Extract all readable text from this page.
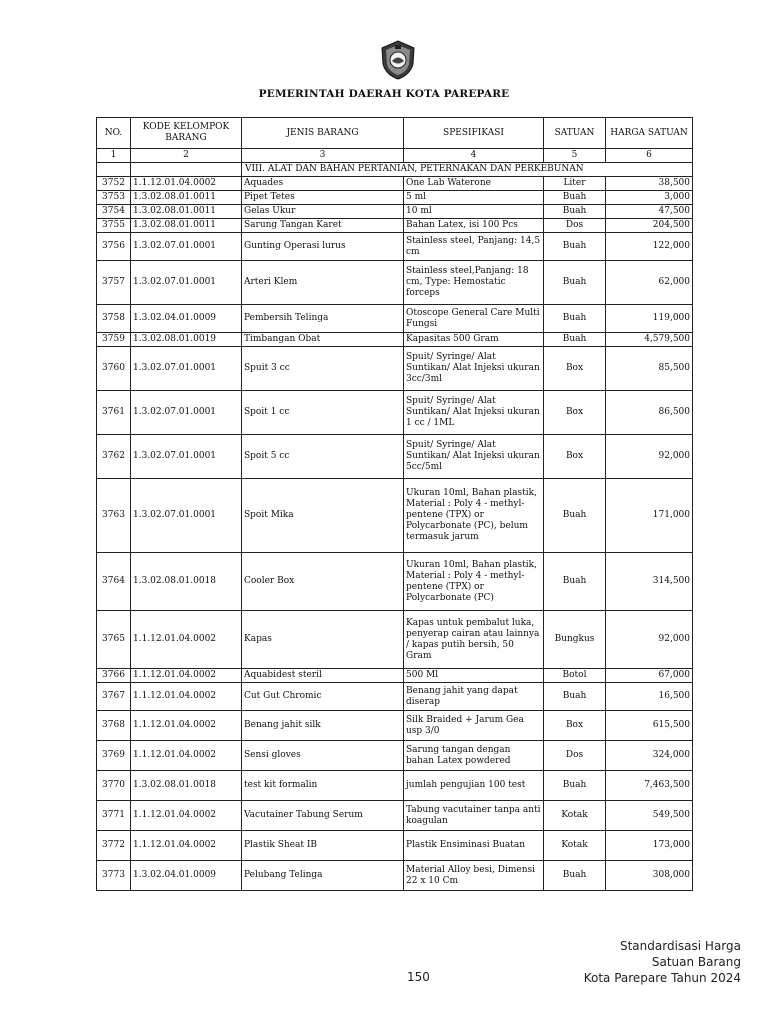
PEMERINTAH DAERAH KOTA PAREPARE
NO.	KODE KELOMPOK BARANG	JENIS BARANG	SPESIFIKASI	SATUAN	HARGA SATUAN
1	2	3	4	5	6
		VIII. ALAT DAN BAHAN PERTANIAN, PETERNAKAN DAN PERKEBUNAN			
3752	1.1.12.01.04.0002	Aquades	One Lab Waterone	Liter	38,500
3753	1.3.02.08.01.0011	Pipet Tetes	5 ml	Buah	3,000
3754	1.3.02.08.01.0011	Gelas Ukur	10 ml	Buah	47,500
3755	1.3.02.08.01.0011	Sarung Tangan Karet	Bahan Latex, isi 100 Pcs	Dos	204,500
3756	1.3.02.07.01.0001	Gunting Operasi lurus	Stainless steel, Panjang: 14,5 cm	Buah	122,000
3757	1.3.02.07.01.0001	Arteri Klem	Stainless steel,Panjang: 18 cm, Type: Hemostatic forceps	Buah	62,000
3758	1.3.02.04.01.0009	Pembersih Telinga	Otoscope General Care Multi Fungsi	Buah	119,000
3759	1.3.02.08.01.0019	Timbangan Obat	Kapasitas 500 Gram	Buah	4,579,500
3760	1.3.02.07.01.0001	Spuit 3 cc	Spuit/ Syringe/ Alat Suntikan/ Alat Injeksi ukuran 3cc/3ml	Box	85,500
3761	1.3.02.07.01.0001	Spoit 1 cc	Spuit/ Syringe/ Alat Suntikan/ Alat Injeksi ukuran 1 cc / 1ML	Box	86,500
3762	1.3.02.07.01.0001	Spoit 5 cc	Spuit/ Syringe/ Alat Suntikan/ Alat Injeksi ukuran 5cc/5ml	Box	92,000
3763	1.3.02.07.01.0001	Spoit Mika	Ukuran 10ml, Bahan plastik, Material : Poly 4 - methyl-pentene (TPX) or Polycarbonate (PC), belum termasuk jarum	Buah	171,000
3764	1.3.02.08.01.0018	Cooler Box	Ukuran 10ml, Bahan plastik, Material : Poly 4 - methyl-pentene (TPX) or Polycarbonate (PC)	Buah	314,500
3765	1.1.12.01.04.0002	Kapas	Kapas untuk pembalut luka, penyerap cairan atau lainnya / kapas putih bersih, 50 Gram	Bungkus	92,000
3766	1.1.12.01.04.0002	Aquabidest steril	500 Ml	Botol	67,000
3767	1.1.12.01.04.0002	Cut Gut Chromic	Benang jahit yang dapat diserap	Buah	16,500
3768	1.1.12.01.04.0002	Benang jahit silk	Silk Braided + Jarum Gea usp 3/0	Box	615,500
3769	1.1.12.01.04.0002	Sensi gloves	Sarung tangan dengan bahan Latex powdered	Dos	324,000
3770	1.3.02.08.01.0018	test kit formalin	jumlah pengujian 100 test	Buah	7,463,500
3771	1.1.12.01.04.0002	Vacutainer Tabung Serum	Tabung vacutainer tanpa anti koagulan	Kotak	549,500
3772	1.1.12.01.04.0002	Plastik Sheat IB	Plastik Ensiminasi Buatan	Kotak	173,000
3773	1.3.02.04.01.0009	Pelubang Telinga	Material Alloy besi, Dimensi 22 x 10 Cm	Buah	308,000
Standardisasi Harga
Satuan Barang
Kota Parepare Tahun 2024
150
